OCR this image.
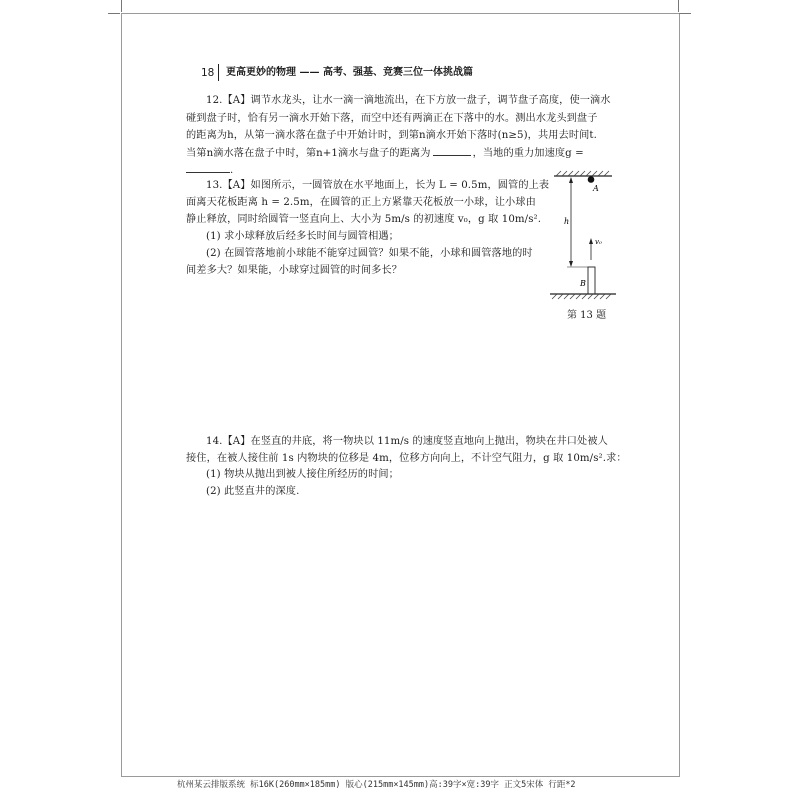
18 更高更妙的物理 —— 高考、强基、竞赛三位一体挑战篇
12.【A】调节水龙头，让水一滴一滴地流出，在下方放一盘子，调节盘子高度，使一滴水
碰到盘子时，恰有另一滴水开始下落，而空中还有两滴正在下落中的水。测出水龙头到盘子
的距离为h，从第一滴水落在盘子中开始计时，到第n滴水开始下落时(n≥5)，共用去时间t.
当第n滴水落在盘子中时，第n+1滴水与盘子的距离为	，当地的重力加速度g =
.
13.【A】如图所示，一圆管放在水平地面上，长为 L = 0.5m，圆管的上表
面离天花板距离 h = 2.5m，在圆管的正上方紧靠天花板放一小球，让小球由
静止释放，同时给圆管一竖直向上、大小为 5m/s 的初速度 v₀，g 取 10m/s².
(1) 求小球释放后经多长时间与圆管相遇；
(2) 在圆管落地前小球能不能穿过圆管？如果不能，小球和圆管落地的时
间差多大？如果能，小球穿过圆管的时间多长？
A
h
v₀
B
第 13 题
14.【A】在竖直的井底，将一物块以 11m/s 的速度竖直地向上抛出，物块在井口处被人
接住，在被人接住前 1s 内物块的位移是 4m，位移方向向上，不计空气阻力，g 取 10m/s².求：
(1) 物块从抛出到被人接住所经历的时间；
(2) 此竖直井的深度.
杭州某云排版系统 标16K(260mm×185mm) 版心(215mm×145mm)高:39字×宽:39字 正文5宋体 行距*2
